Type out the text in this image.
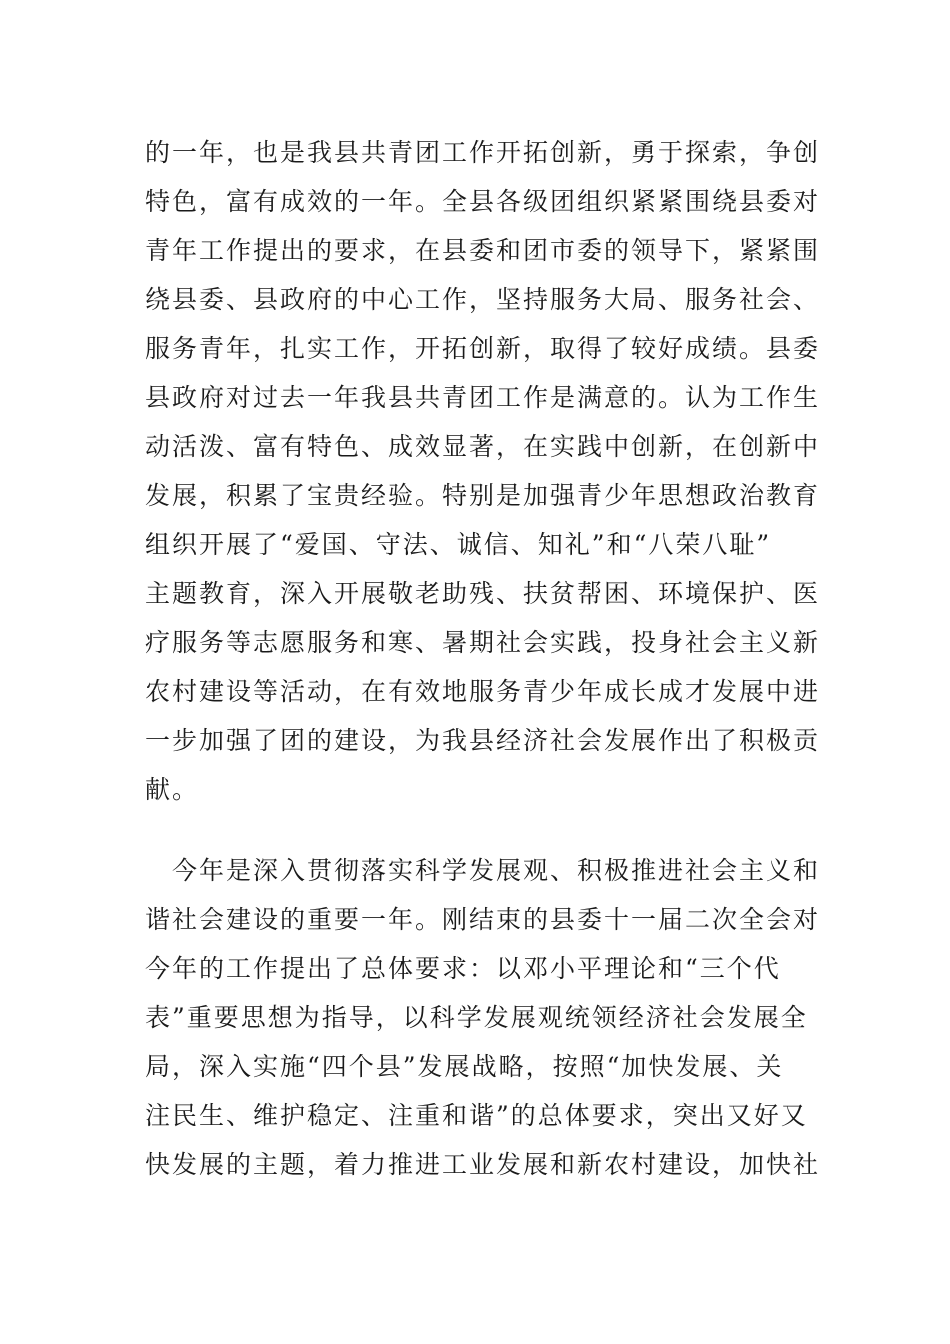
的一年，也是我县共青团工作开拓创新，勇于探索，争创
特色，富有成效的一年。全县各级团组织紧紧围绕县委对
青年工作提出的要求，在县委和团市委的领导下，紧紧围
绕县委、县政府的中心工作，坚持服务大局、服务社会、
服务青年，扎实工作，开拓创新，取得了较好成绩。县委
县政府对过去一年我县共青团工作是满意的。认为工作生
动活泼、富有特色、成效显著，在实践中创新，在创新中
发展，积累了宝贵经验。特别是加强青少年思想政治教育
组织开展了“爱国、守法、诚信、知礼”和“八荣八耻”
主题教育，深入开展敬老助残、扶贫帮困、环境保护、医
疗服务等志愿服务和寒、暑期社会实践，投身社会主义新
农村建设等活动，在有效地服务青少年成长成才发展中进
一步加强了团的建设，为我县经济社会发展作出了积极贡
献。
　今年是深入贯彻落实科学发展观、积极推进社会主义和
谐社会建设的重要一年。刚结束的县委十一届二次全会对
今年的工作提出了总体要求：以邓小平理论和“三个代
表”重要思想为指导，以科学发展观统领经济社会发展全
局，深入实施“四个县”发展战略，按照“加快发展、关
注民生、维护稳定、注重和谐”的总体要求，突出又好又
快发展的主题，着力推进工业发展和新农村建设，加快社
